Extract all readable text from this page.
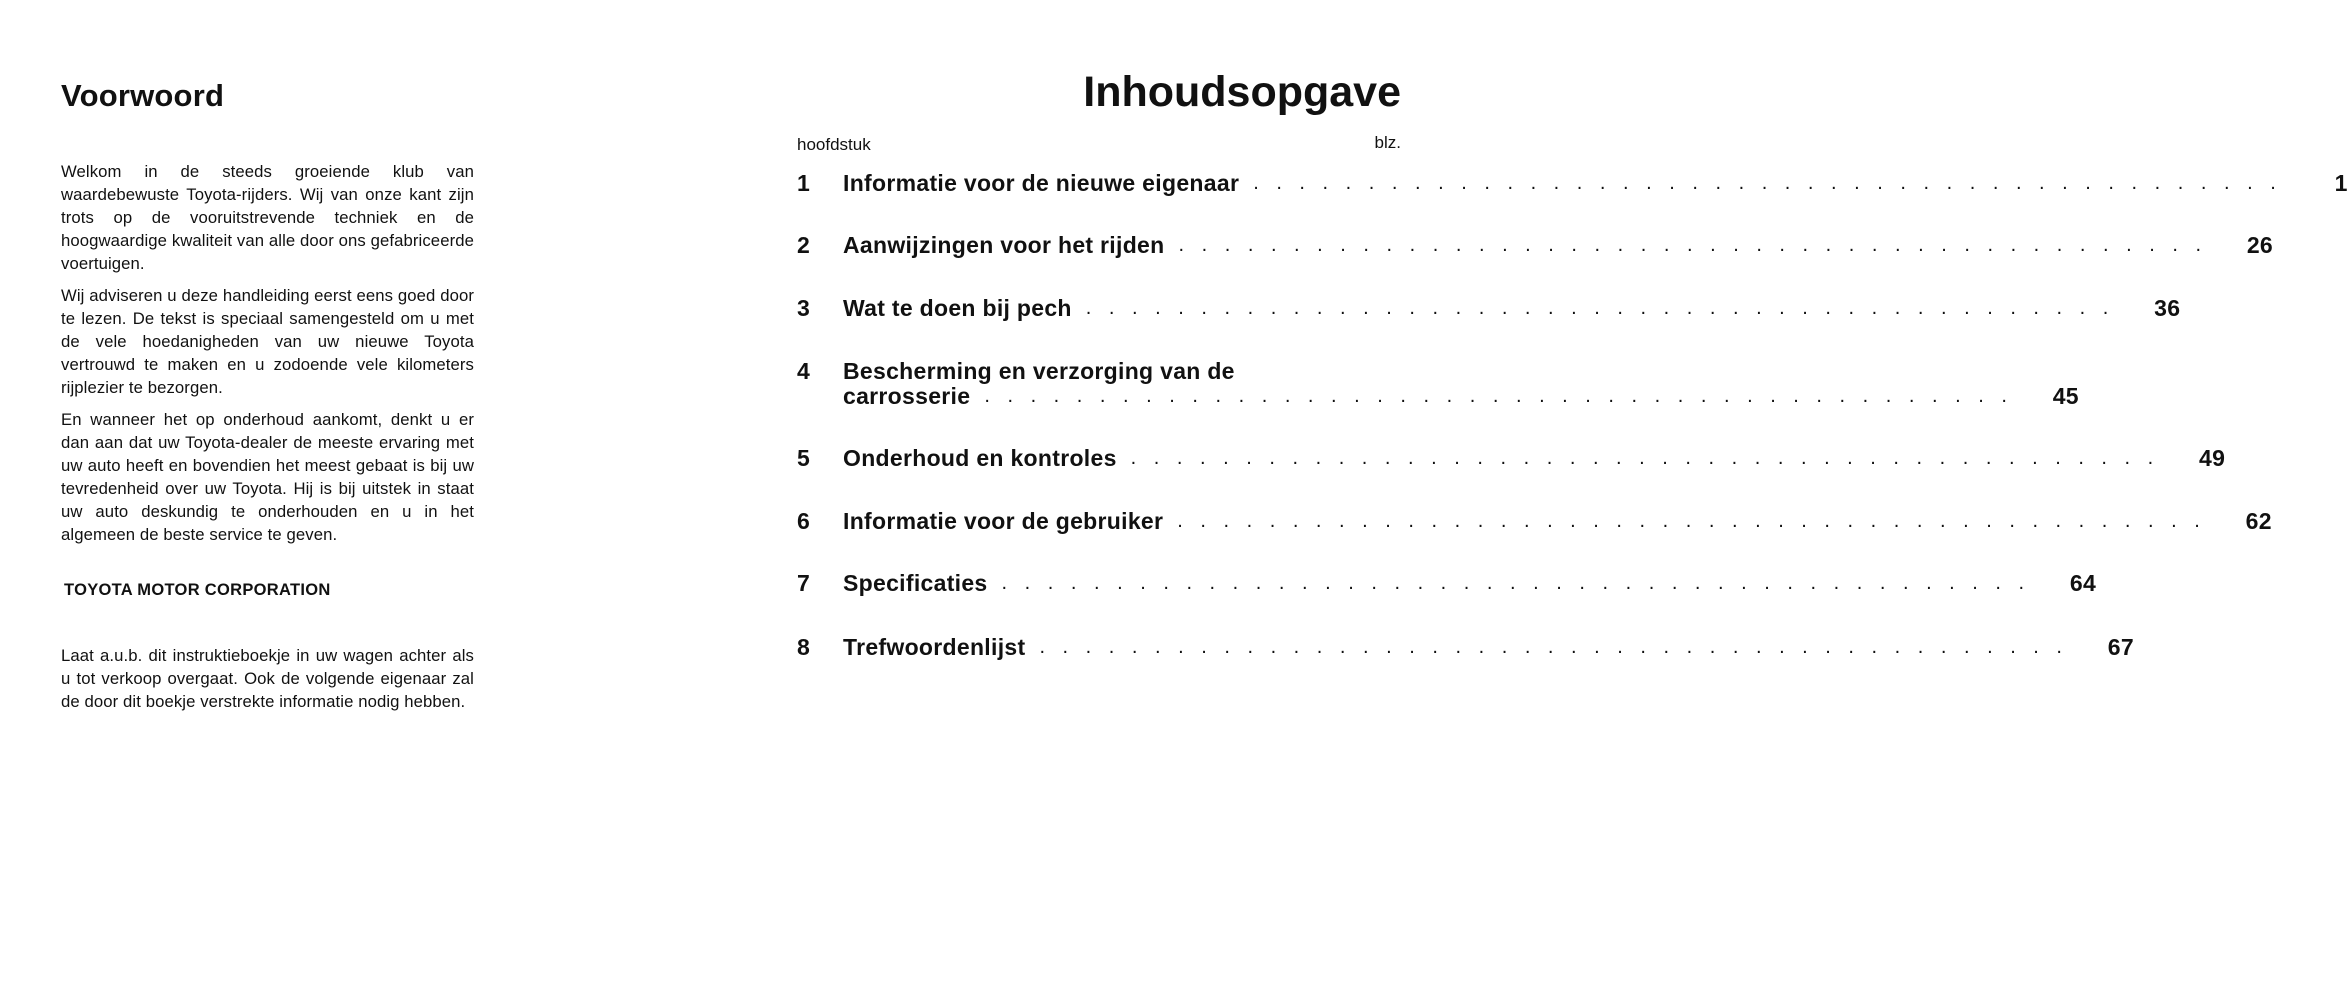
Voorwoord

Welkom in de steeds groeiende klub van waardebewuste Toyota-rijders. Wij van onze kant zijn trots op de vooruitstrevende techniek en de hoogwaardige kwaliteit van alle door ons gefabriceerde voertuigen.

Wij adviseren u deze handleiding eerst eens goed door te lezen. De tekst is speciaal samengesteld om u met de vele hoedanigheden van uw nieuwe Toyota vertrouwd te maken en u zodoende vele kilometers rijplezier te bezorgen.

En wanneer het op onderhoud aankomt, denkt u er dan aan dat uw Toyota-dealer de meeste ervaring met uw auto heeft en bovendien het meest gebaat is bij uw tevredenheid over uw Toyota. Hij is bij uitstek in staat uw auto deskundig te onderhouden en u in het algemeen de beste service te geven.

TOYOTA MOTOR CORPORATION

Laat a.u.b. dit instruktieboekje in uw wagen achter als u tot verkoop overgaat. Ook de volgende eigenaar zal de door dit boekje verstrekte informatie nodig hebben.

Inhoudsopgave
hoofdstuk	blz.
1	Informatie voor de nieuwe eigenaar . . . . . . . . . . . . . . . . . . . . . . . . . . . . . . . . . . . . . . . . . . . . .	1
2	Aanwijzingen voor het rijden . . . . . . . . . . . . . . . . . . . . . . . . . . . . . . . . . . . . . . . . . . . . .	26
3	Wat te doen bij pech . . . . . . . . . . . . . . . . . . . . . . . . . . . . . . . . . . . . . . . . . . . . .	36
4	Bescherming en verzorging van de
carrosserie . . . . . . . . . . . . . . . . . . . . . . . . . . . . . . . . . . . . . . . . . . . . .	45
5	Onderhoud en kontroles . . . . . . . . . . . . . . . . . . . . . . . . . . . . . . . . . . . . . . . . . . . . .	49
6	Informatie voor de gebruiker . . . . . . . . . . . . . . . . . . . . . . . . . . . . . . . . . . . . . . . . . . . . .	62
7	Specificaties . . . . . . . . . . . . . . . . . . . . . . . . . . . . . . . . . . . . . . . . . . . . .	64
8	Trefwoordenlijst . . . . . . . . . . . . . . . . . . . . . . . . . . . . . . . . . . . . . . . . . . . . .	67
